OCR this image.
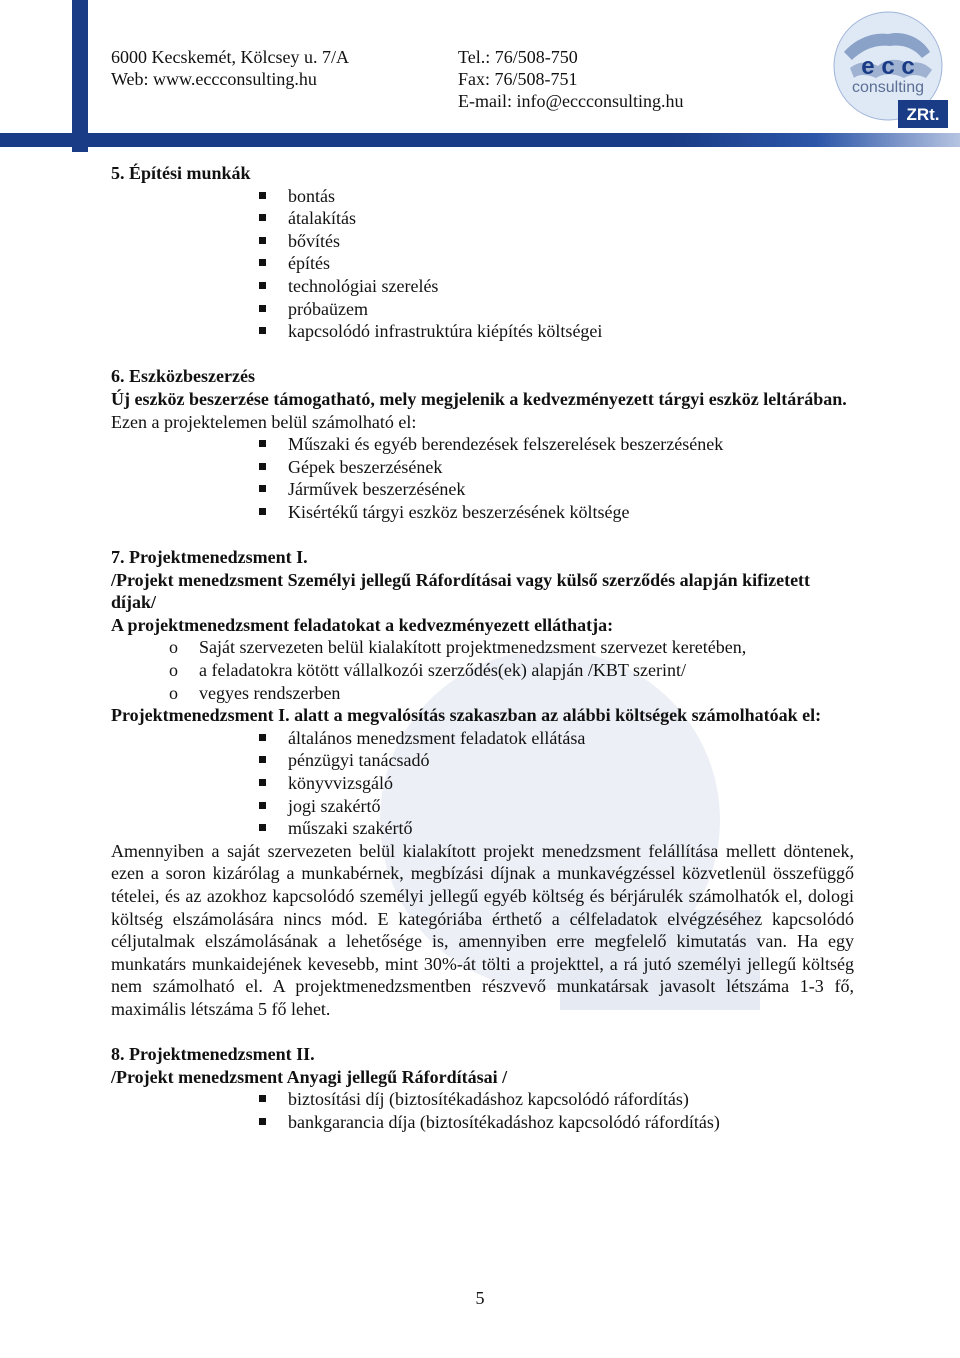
6000 Kecskemét, Kölcsey u. 7/A
Web: www.eccconsulting.hu
Tel.: 76/508-750
Fax: 76/508-751
E-mail: info@eccconsulting.hu
e c c
consulting
ZRt.

5. Építési munkák

bontás
átalakítás
bővítés
építés
technológiai szerelés
próbaüzem
kapcsolódó infrastruktúra kiépítés költségei

6. Eszközbeszerzés

Új eszköz beszerzése támogatható, mely megjelenik a kedvezményezett tárgyi eszköz leltárában.

Ezen a projektelemen belül számolható el:

Műszaki és egyéb berendezések felszerelések beszerzésének
Gépek beszerzésének
Járművek beszerzésének
Kisértékű tárgyi eszköz beszerzésének költsége

7. Projektmenedzsment I.

/Projekt menedzsment Személyi jellegű Ráfordításai vagy külső szerződés alapján kifizetett díjak/

A projektmenedzsment feladatokat a kedvezményezett elláthatja:

o Saját szervezeten belül kialakított projektmenedzsment szervezet keretében,
o a feladatokra kötött vállalkozói szerződés(ek) alapján /KBT szerint/
o vegyes rendszerben

Projektmenedzsment I. alatt a megvalósítás szakaszban az alábbi költségek számolhatóak el:

általános menedzsment feladatok ellátása
pénzügyi tanácsadó
könyvvizsgáló
jogi szakértő
műszaki szakértő

Amennyiben a saját szervezeten belül kialakított projekt menedzsment felállítása mellett döntenek, ezen a soron kizárólag a munkabérnek, megbízási díjnak a munkavégzéssel közvetlenül összefüggő tételei, és az azokhoz kapcsolódó személyi jellegű egyéb költség és bérjárulék számolhatók el, dologi költség elszámolására nincs mód. E kategóriába érthető a célfeladatok elvégzéséhez kapcsolódó céljutalmak elszámolásának a lehetősége is, amennyiben erre megfelelő kimutatás van. Ha egy munkatárs munkaidejének kevesebb, mint 30%-át tölti a projekttel, a rá jutó személyi jellegű költség nem számolható el. A projektmenedzsmentben részvevő munkatársak javasolt létszáma 1-3 fő, maximális létszáma 5 fő lehet.

8. Projektmenedzsment II.

/Projekt menedzsment Anyagi jellegű Ráfordításai /

biztosítási díj (biztosítékadáshoz kapcsolódó ráfordítás)
bankgarancia díja (biztosítékadáshoz kapcsolódó ráfordítás)
5
